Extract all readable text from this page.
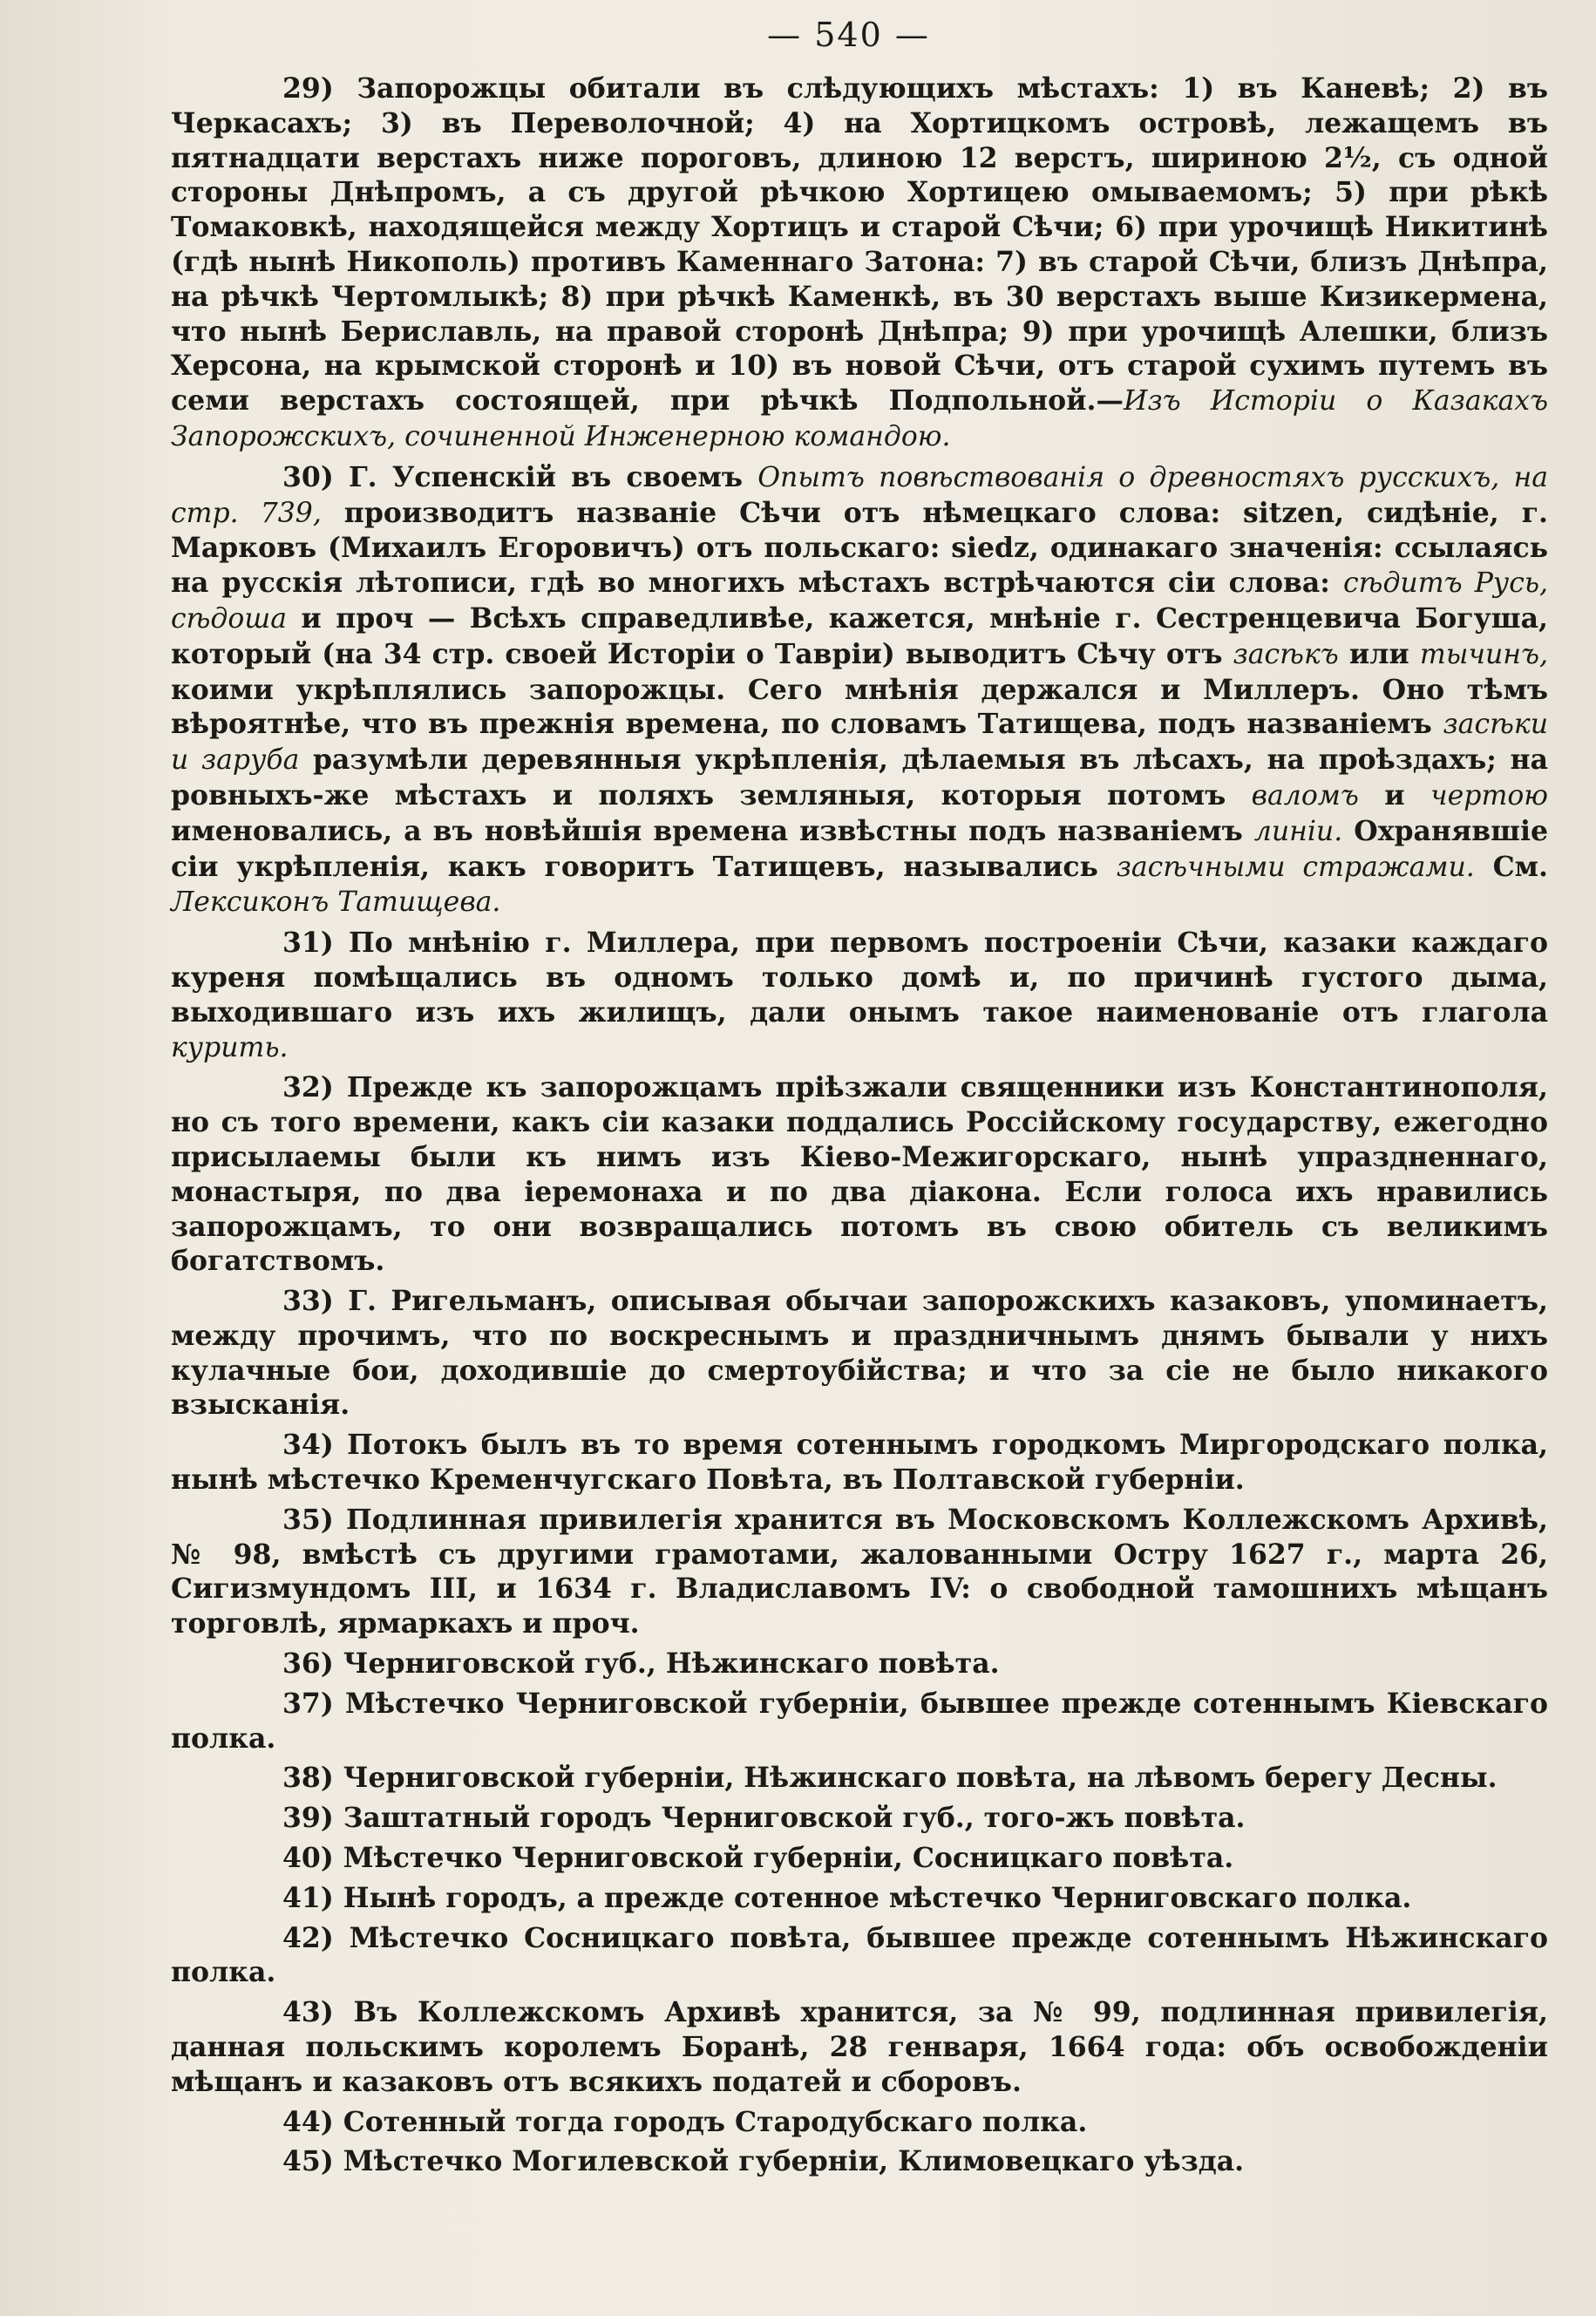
— 540 —

29) Запорожцы обитали въ слѣдующихъ мѣстахъ: 1) въ Каневѣ; 2) въ Черкасахъ; 3) въ Переволочной; 4) на Хортицкомъ островѣ, лежащемъ въ пятнадцати верстахъ ниже пороговъ, длиною 12 верстъ, шириною 2½, съ одной стороны Днѣпромъ, а съ другой рѣчкою Хортицею омываемомъ; 5) при рѣкѣ Томаковкѣ, находящейся между Хортицъ и старой Сѣчи; 6) при урочищѣ Никитинѣ (гдѣ нынѣ Никополь) противъ Каменнаго Затона: 7) въ старой Сѣчи, близъ Днѣпра, на рѣчкѣ Чертомлыкѣ; 8) при рѣчкѣ Каменкѣ, въ 30 верстахъ выше Кизикермена, что нынѣ Бериславль, на правой сторонѣ Днѣпра; 9) при урочищѣ Алешки, близъ Херсона, на крымской сторонѣ и 10) въ новой Сѣчи, отъ старой сухимъ путемъ въ семи верстахъ состоящей, при рѣчкѣ Подпольной.—Изъ Исторіи о Казакахъ Запорожскихъ, сочиненной Инженерною командою.

30) Г. Успенскій въ своемъ Опытъ повѣствованія о древностяхъ русскихъ, на стр. 739, производитъ названіе Сѣчи отъ нѣмецкаго слова: sitzen, сидѣніе, г. Марковъ (Михаилъ Егоровичъ) отъ польскаго: siedz, одинакаго значенія: ссылаясь на русскія лѣтописи, гдѣ во многихъ мѣстахъ встрѣчаются сіи слова: сѣдитъ Русь, сѣдоша и проч — Всѣхъ справедливѣе, кажется, мнѣніе г. Сестренцевича Богуша, который (на 34 стр. своей Исторіи о Тавріи) выводитъ Сѣчу отъ засѣкъ или тычинъ, коими укрѣплялись запорожцы. Сего мнѣнія держался и Миллеръ. Оно тѣмъ вѣроятнѣе, что въ прежнія времена, по словамъ Татищева, подъ названіемъ засѣки и заруба разумѣли деревянныя укрѣпленія, дѣлаемыя въ лѣсахъ, на проѣздахъ; на ровныхъ-же мѣстахъ и поляхъ земляныя, которыя потомъ валомъ и чертою именовались, а въ новѣйшія времена извѣстны подъ названіемъ линіи. Охранявшіе сіи укрѣпленія, какъ говоритъ Татищевъ, назывались засѣчными стражами. См. Лексиконъ Татищева.

31) По мнѣнію г. Миллера, при первомъ построеніи Сѣчи, казаки каждаго куреня помѣщались въ одномъ только домѣ и, по причинѣ густого дыма, выходившаго изъ ихъ жилищъ, дали онымъ такое наименованіе отъ глагола курить.

32) Прежде къ запорожцамъ пріѣзжали священники изъ Константинополя, но съ того времени, какъ сіи казаки поддались Россійскому государству, ежегодно присылаемы были къ нимъ изъ Кіево-Межигорскаго, нынѣ упраздненнаго, монастыря, по два іеремонаха и по два діакона. Если голоса ихъ нравились запорожцамъ, то они возвращались потомъ въ свою обитель съ великимъ богатствомъ.

33) Г. Ригельманъ, описывая обычаи запорожскихъ казаковъ, упоминаетъ, между прочимъ, что по воскреснымъ и праздничнымъ днямъ бывали у нихъ кулачные бои, доходившіе до смертоубійства; и что за сіе не было никакого взысканія.

34) Потокъ былъ въ то время сотеннымъ городкомъ Миргородскаго полка, нынѣ мѣстечко Кременчугскаго Повѣта, въ Полтавской губерніи.

35) Подлинная привилегія хранится въ Московскомъ Коллежскомъ Архивѣ, № 98, вмѣстѣ съ другими грамотами, жалованными Остру 1627 г., марта 26, Сигизмундомъ III, и 1634 г. Владиславомъ IV: о свободной тамошнихъ мѣщанъ торговлѣ, ярмаркахъ и проч.

36) Черниговской губ., Нѣжинскаго повѣта.

37) Мѣстечко Черниговской губерніи, бывшее прежде сотеннымъ Кіевскаго полка.

38) Черниговской губерніи, Нѣжинскаго повѣта, на лѣвомъ берегу Десны.

39) Заштатный городъ Черниговской губ., того-жъ повѣта.

40) Мѣстечко Черниговской губерніи, Сосницкаго повѣта.

41) Нынѣ городъ, а прежде сотенное мѣстечко Черниговскаго полка.

42) Мѣстечко Сосницкаго повѣта, бывшее прежде сотеннымъ Нѣжинскаго полка.

43) Въ Коллежскомъ Архивѣ хранится, за № 99, подлинная привилегія, данная польскимъ королемъ Боранѣ, 28 генваря, 1664 года: объ освобожденіи мѣщанъ и казаковъ отъ всякихъ податей и сборовъ.

44) Сотенный тогда городъ Стародубскаго полка.

45) Мѣстечко Могилевской губерніи, Климовецкаго уѣзда.
